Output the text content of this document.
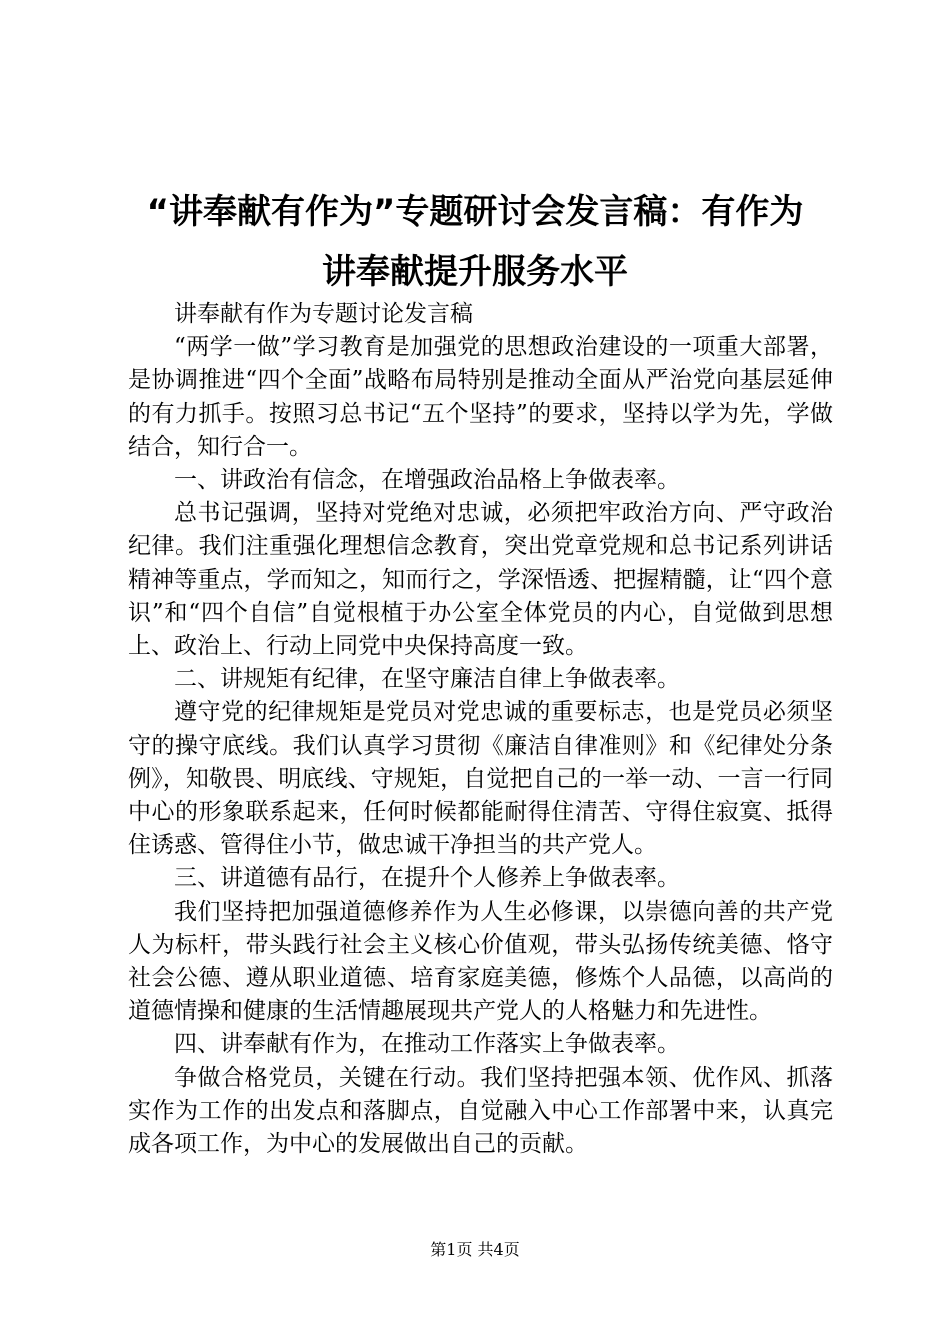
“讲奉献有作为”专题研讨会发言稿：有作为
讲奉献提升服务水平

讲奉献有作为专题讨论发言稿

“两学一做”学习教育是加强党的思想政治建设的一项重大部署，是协调推进“四个全面”战略布局特别是推动全面从严治党向基层延伸的有力抓手。按照习总书记“五个坚持”的要求，坚持以学为先，学做结合，知行合一。

一、讲政治有信念，在增强政治品格上争做表率。

总书记强调，坚持对党绝对忠诚，必须把牢政治方向、严守政治纪律。我们注重强化理想信念教育，突出党章党规和总书记系列讲话精神等重点，学而知之，知而行之，学深悟透、把握精髓，让“四个意识”和“四个自信”自觉根植于办公室全体党员的内心，自觉做到思想上、政治上、行动上同党中央保持高度一致。

二、讲规矩有纪律，在坚守廉洁自律上争做表率。

遵守党的纪律规矩是党员对党忠诚的重要标志，也是党员必须坚守的操守底线。我们认真学习贯彻《廉洁自律准则》和《纪律处分条例》，知敬畏、明底线、守规矩，自觉把自己的一举一动、一言一行同中心的形象联系起来，任何时候都能耐得住清苦、守得住寂寞、抵得住诱惑、管得住小节，做忠诚干净担当的共产党人。

三、讲道德有品行，在提升个人修养上争做表率。

我们坚持把加强道德修养作为人生必修课，以崇德向善的共产党人为标杆，带头践行社会主义核心价值观，带头弘扬传统美德、恪守社会公德、遵从职业道德、培育家庭美德，修炼个人品德，以高尚的道德情操和健康的生活情趣展现共产党人的人格魅力和先进性。

四、讲奉献有作为，在推动工作落实上争做表率。

争做合格党员，关键在行动。我们坚持把强本领、优作风、抓落实作为工作的出发点和落脚点，自觉融入中心工作部署中来，认真完成各项工作，为中心的发展做出自己的贡献。

第1页 共4页
